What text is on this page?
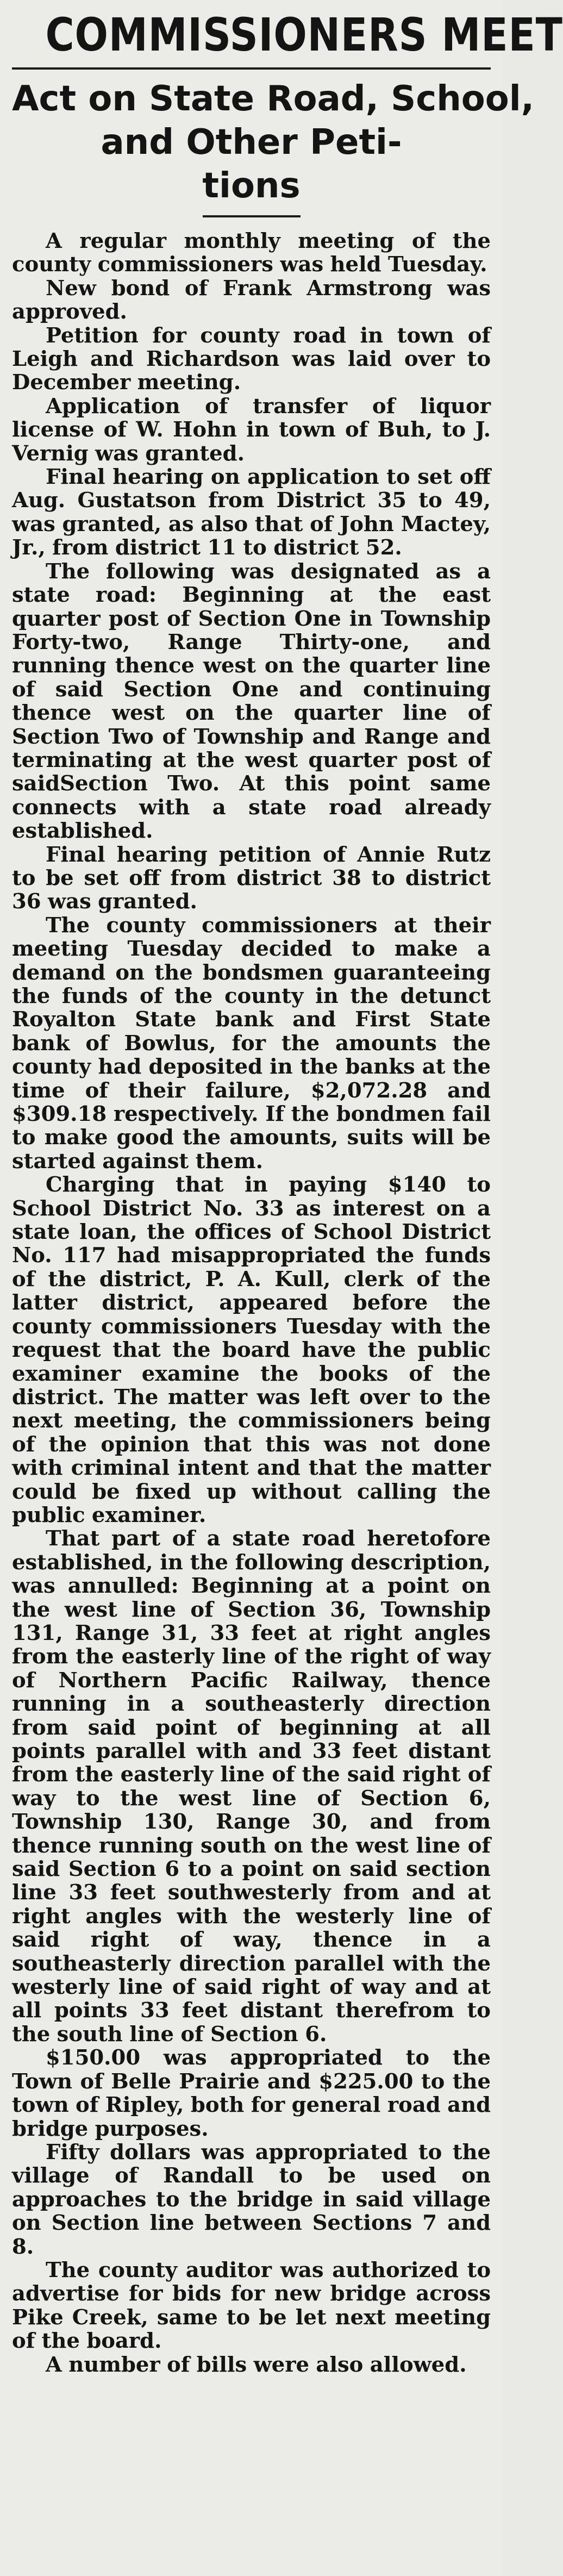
COMMISSIONERS MEET
Act on State Road, School,
and Other Peti-
tions

A regular monthly meeting of the county commissioners was held Tuesday.

New bond of Frank Armstrong was approved.

Petition for county road in town of Leigh and Richardson was laid over to December meeting.

Application of transfer of liquor license of W. Hohn in town of Buh, to J. Vernig was granted.

Final hearing on application to set off Aug. Gustatson from District 35 to 49, was granted, as also that of John Mactey, Jr., from district 11 to district 52.

The following was designated as a state road: Beginning at the east quarter post of Section One in Township Forty-two, Range Thirty-one, and running thence west on the quarter line of said Section One and continuing thence west on the quarter line of Section Two of Township and Range and terminating at the west quarter post of saidSection Two. At this point same connects with a state road already established.

Final hearing petition of Annie Rutz to be set off from district 38 to district 36 was granted.

The county commissioners at their meeting Tuesday decided to make a demand on the bondsmen guaranteeing the funds of the county in the detunct Royalton State bank and First State bank of Bowlus, for the amounts the county had deposited in the banks at the time of their failure, $2,072.28 and $309.18 respectively. If the bondmen fail to make good the amounts, suits will be started against them.

Charging that in paying $140 to School District No. 33 as interest on a state loan, the offices of School District No. 117 had misappropriated the funds of the district, P. A. Kull, clerk of the latter district, appeared before the county commissioners Tuesday with the request that the board have the public examiner examine the books of the district. The matter was left over to the next meeting, the commissioners being of the opinion that this was not done with criminal intent and that the matter could be fixed up without calling the public examiner.

That part of a state road heretofore established, in the following description, was annulled: Beginning at a point on the west line of Section 36, Township 131, Range 31, 33 feet at right angles from the easterly line of the right of way of Northern Pacific Railway, thence running in a southeasterly direction from said point of beginning at all points parallel with and 33 feet distant from the easterly line of the said right of way to the west line of Section 6, Township 130, Range 30, and from thence running south on the west line of said Section 6 to a point on said section line 33 feet southwesterly from and at right angles with the westerly line of said right of way, thence in a southeasterly direction parallel with the westerly line of said right of way and at all points 33 feet distant therefrom to the south line of Section 6.

$150.00 was appropriated to the Town of Belle Prairie and $225.00 to the town of Ripley, both for general road and bridge purposes.

Fifty dollars was appropriated to the village of Randall to be used on approaches to the bridge in said village on Section line between Sections 7 and 8.

The county auditor was authorized to advertise for bids for new bridge across Pike Creek, same to be let next meeting of the board.

A number of bills were also allowed.
